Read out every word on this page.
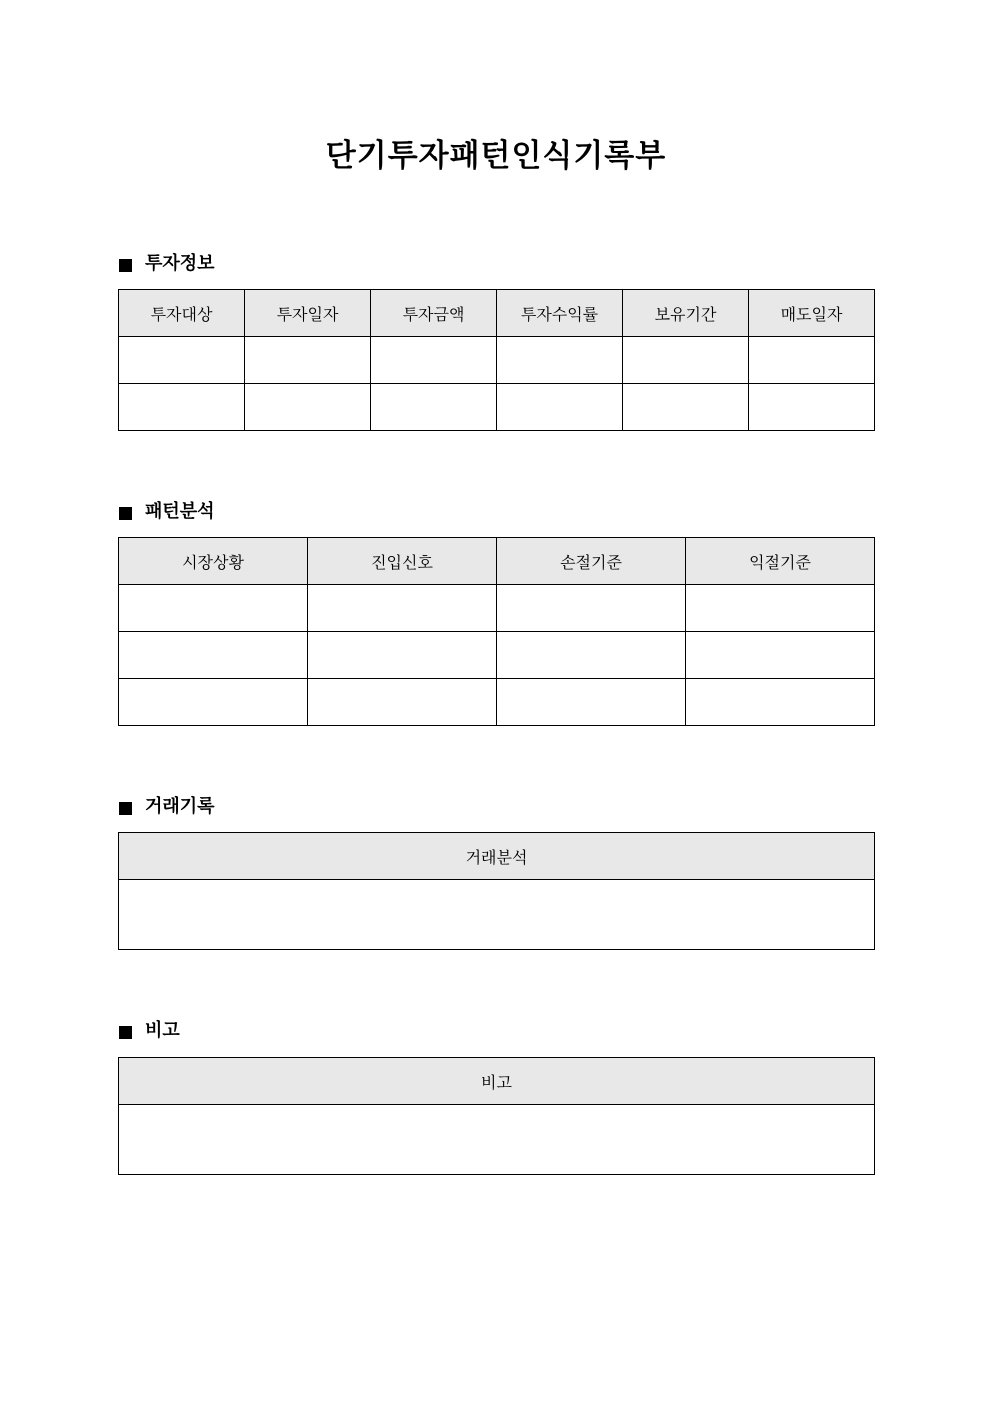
단기투자패턴인식기록부
투자정보
투자대상	투자일자	투자금액	투자수익률	보유기간	매도일자

패턴분석
시장상황	진입신호	손절기준	익절기준

거래기록
거래분석

비고
비고
